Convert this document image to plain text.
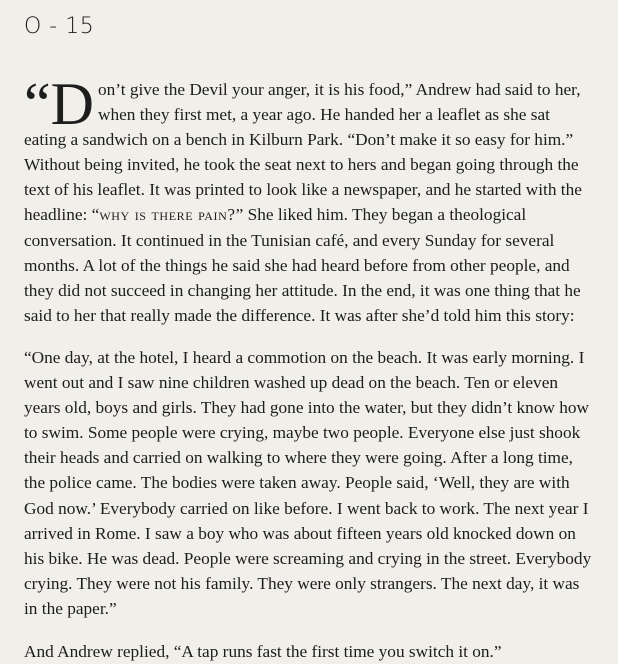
O - 15

“Don’t give the Devil your anger, it is his food,” Andrew had said to her, when they first met, a year ago. He handed her a leaflet as she sat eating a sandwich on a bench in Kilburn Park. “Don’t make it so easy for him.” Without being invited, he took the seat next to hers and began going through the text of his leaflet. It was printed to look like a newspaper, and he started with the headline: “why is there pain?” She liked him. They began a theological conversation. It continued in the Tunisian café, and every Sunday for several months. A lot of the things he said she had heard before from other people, and they did not succeed in changing her attitude. In the end, it was one thing that he said to her that really made the difference. It was after she’d told him this story:

“One day, at the hotel, I heard a commotion on the beach. It was early morning. I went out and I saw nine children washed up dead on the beach. Ten or eleven years old, boys and girls. They had gone into the water, but they didn’t know how to swim. Some people were crying, maybe two people. Everyone else just shook their heads and carried on walking to where they were going. After a long time, the police came. The bodies were taken away. People said, ‘Well, they are with God now.’ Everybody carried on like before. I went back to work. The next year I arrived in Rome. I saw a boy who was about fifteen years old knocked down on his bike. He was dead. People were screaming and crying in the street. Everybody crying. They were not his family. They were only strangers. The next day, it was in the paper.”

And Andrew replied, “A tap runs fast the first time you switch it on.”
